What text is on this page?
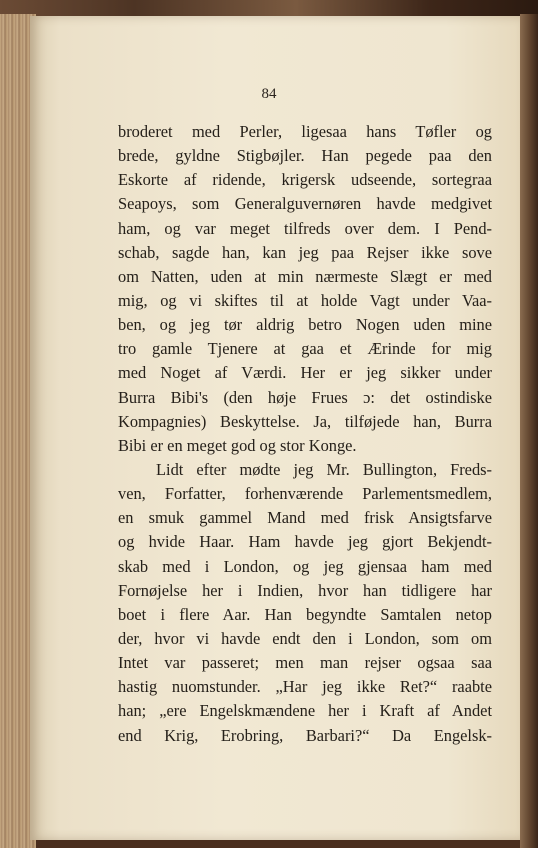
84
broderet med Perler, ligesaa hans Tøfler og
brede, gyldne Stigbøjler. Han pegede paa den
Eskorte af ridende, krigersk udseende, sortegraa
Seapoys, som Generalguvernøren havde medgivet
ham, og var meget tilfreds over dem. I Pend-
schab, sagde han, kan jeg paa Rejser ikke sove
om Natten, uden at min nærmeste Slægt er med
mig, og vi skiftes til at holde Vagt under Vaa-
ben, og jeg tør aldrig betro Nogen uden mine
tro gamle Tjenere at gaa et Ærinde for mig
med Noget af Værdi. Her er jeg sikker under
Burra Bibi's (den høje Frues ɔ: det ostindiske
Kompagnies) Beskyttelse. Ja, tilføjede han, Burra
Bibi er en meget god og stor Konge.
Lidt efter mødte jeg Mr. Bullington, Freds-
ven, Forfatter, forhenværende Parlementsmedlem,
en smuk gammel Mand med frisk Ansigtsfarve
og hvide Haar. Ham havde jeg gjort Bekjendt-
skab med i London, og jeg gjensaa ham med
Fornøjelse her i Indien, hvor han tidligere har
boet i flere Aar. Han begyndte Samtalen netop
der, hvor vi havde endt den i London, som om
Intet var passeret; men man rejser ogsaa saa
hastig nuomstunder. „Har jeg ikke Ret?“ raabte
han; „ere Engelskmændene her i Kraft af Andet
end Krig, Erobring, Barbari?“ Da Engelsk-
